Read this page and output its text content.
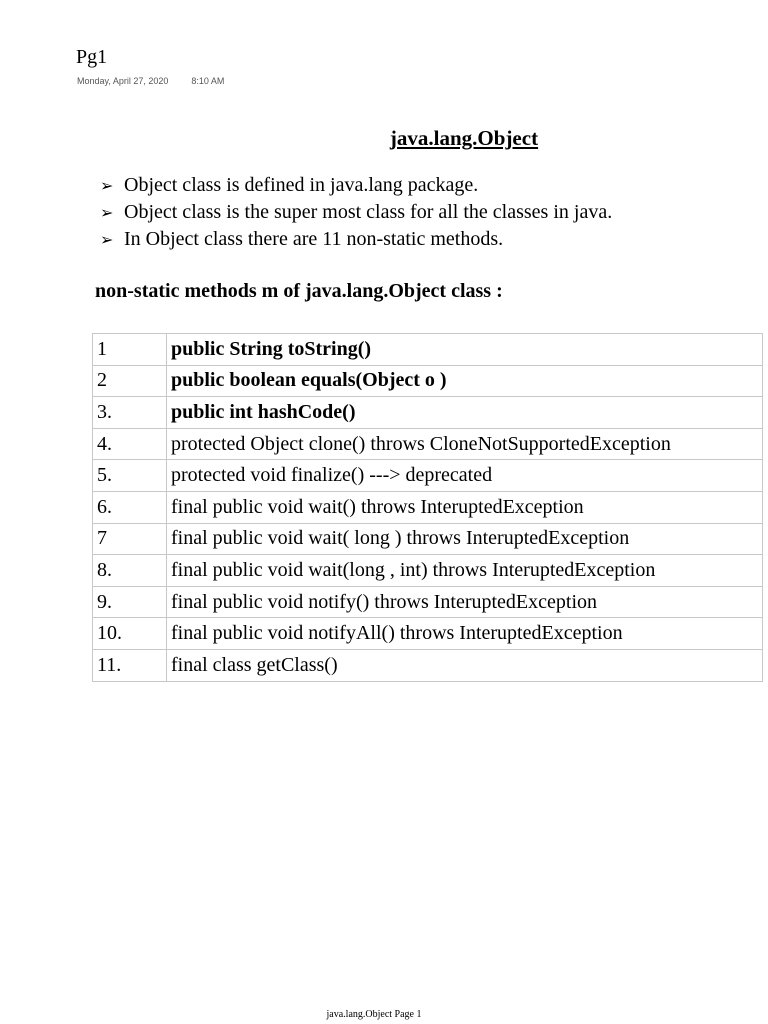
Pg1
Monday, April 27, 2020	8:10 AM
java.lang.Object
➢ Object class is defined in java.lang package.
➢ Object class is the super most class for all the classes in java.
➢ In Object class there are 11 non-static methods.
non-static methods m of java.lang.Object class :
1	public String toString()
2	public boolean equals(Object o )
3.	public int hashCode()
4.	protected Object clone() throws CloneNotSupportedException
5.	protected void finalize() ---> deprecated
6.	final public void wait() throws InteruptedException
7	final public void wait( long ) throws InteruptedException
8.	final public void wait(long , int) throws InteruptedException
9.	final public void notify() throws InteruptedException
10.	final public void notifyAll() throws InteruptedException
11.	final class getClass()
java.lang.Object Page 1
